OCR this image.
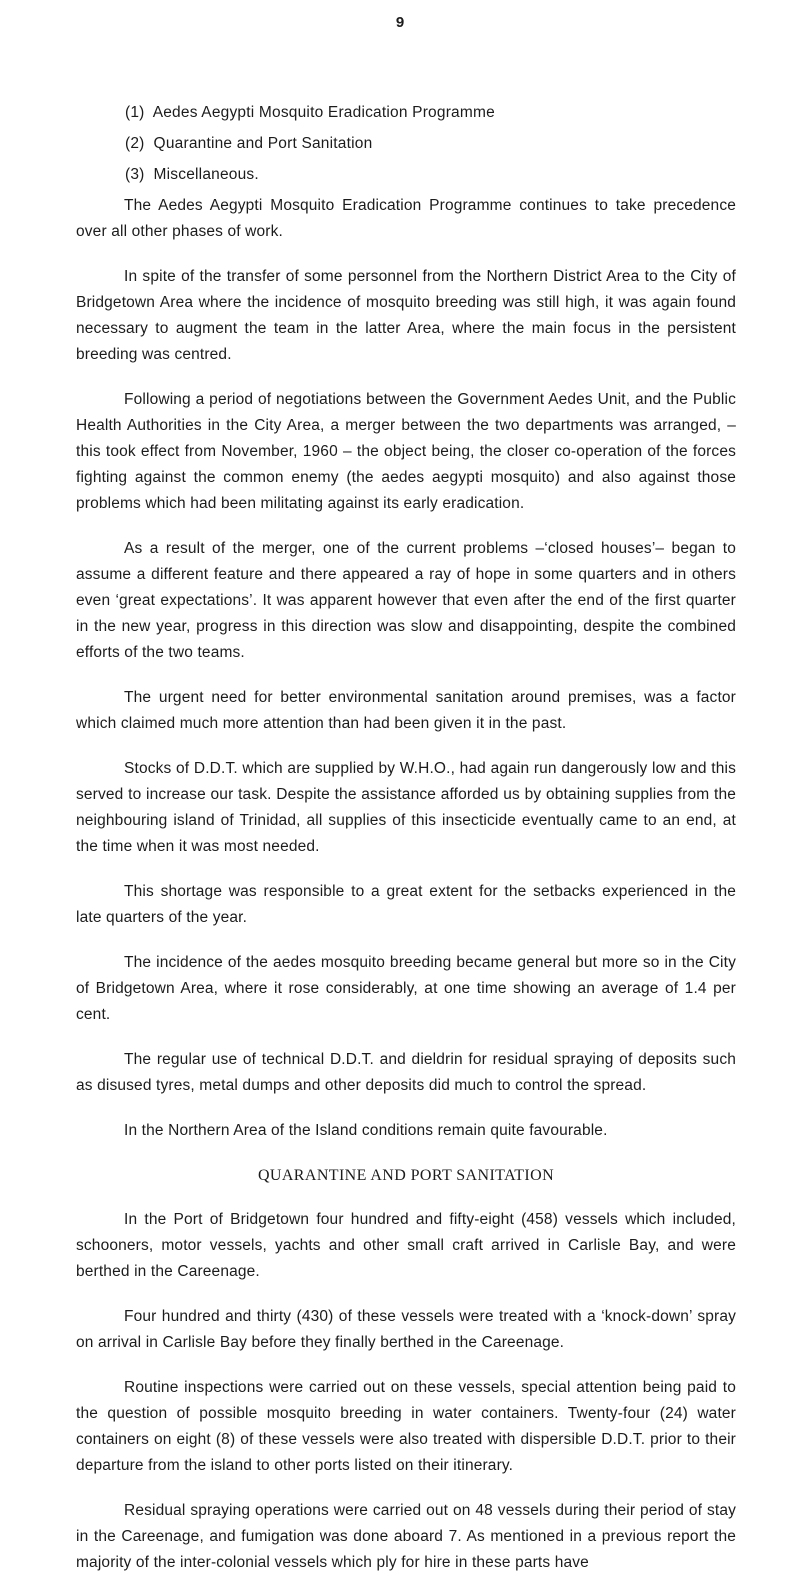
9
(1)  Aedes Aegypti Mosquito Eradication Programme
(2)  Quarantine and Port Sanitation
(3)  Miscellaneous.

The Aedes Aegypti Mosquito Eradication Programme continues to take precedence over all other phases of work.

In spite of the transfer of some personnel from the Northern District Area to the City of Bridgetown Area where the incidence of mosquito breeding was still high, it was again found necessary to augment the team in the latter Area, where the main focus in the persistent breeding was centred.

Following a period of negotiations between the Government Aedes Unit, and the Public Health Authorities in the City Area, a merger between the two departments was arranged, – this took effect from November, 1960 – the object being, the closer co-operation of the forces fighting against the common enemy (the aedes aegypti mosquito) and also against those problems which had been militating against its early eradication.

As a result of the merger, one of the current problems –‘closed houses’– began to assume a different feature and there appeared a ray of hope in some quarters and in others even ‘great expectations’. It was apparent however that even after the end of the first quarter in the new year, progress in this direction was slow and disappointing, despite the combined efforts of the two teams.

The urgent need for better environmental sanitation around premises, was a factor which claimed much more attention than had been given it in the past.

Stocks of D.D.T. which are supplied by W.H.O., had again run dangerously low and this served to increase our task. Despite the assistance afforded us by obtaining supplies from the neighbouring island of Trinidad, all supplies of this insecticide eventually came to an end, at the time when it was most needed.

This shortage was responsible to a great extent for the setbacks experienced in the late quarters of the year.

The incidence of the aedes mosquito breeding became general but more so in the City of Bridgetown Area, where it rose considerably, at one time showing an average of 1.4 per cent.

The regular use of technical D.D.T. and dieldrin for residual spraying of deposits such as disused tyres, metal dumps and other deposits did much to control the spread.

In the Northern Area of the Island conditions remain quite favourable.

QUARANTINE AND PORT SANITATION

In the Port of Bridgetown four hundred and fifty-eight (458) vessels which included, schooners, motor vessels, yachts and other small craft arrived in Carlisle Bay, and were berthed in the Careenage.

Four hundred and thirty (430) of these vessels were treated with a ‘knock-down’ spray on arrival in Carlisle Bay before they finally berthed in the Careenage.

Routine inspections were carried out on these vessels, special attention being paid to the question of possible mosquito breeding in water containers. Twenty-four (24) water containers on eight (8) of these vessels were also treated with dispersible D.D.T. prior to their departure from the island to other ports listed on their itinerary.

Residual spraying operations were carried out on 48 vessels during their period of stay in the Careenage, and fumigation was done aboard 7. As mentioned in a previous report the majority of the inter-colonial vessels which ply for hire in these parts have
